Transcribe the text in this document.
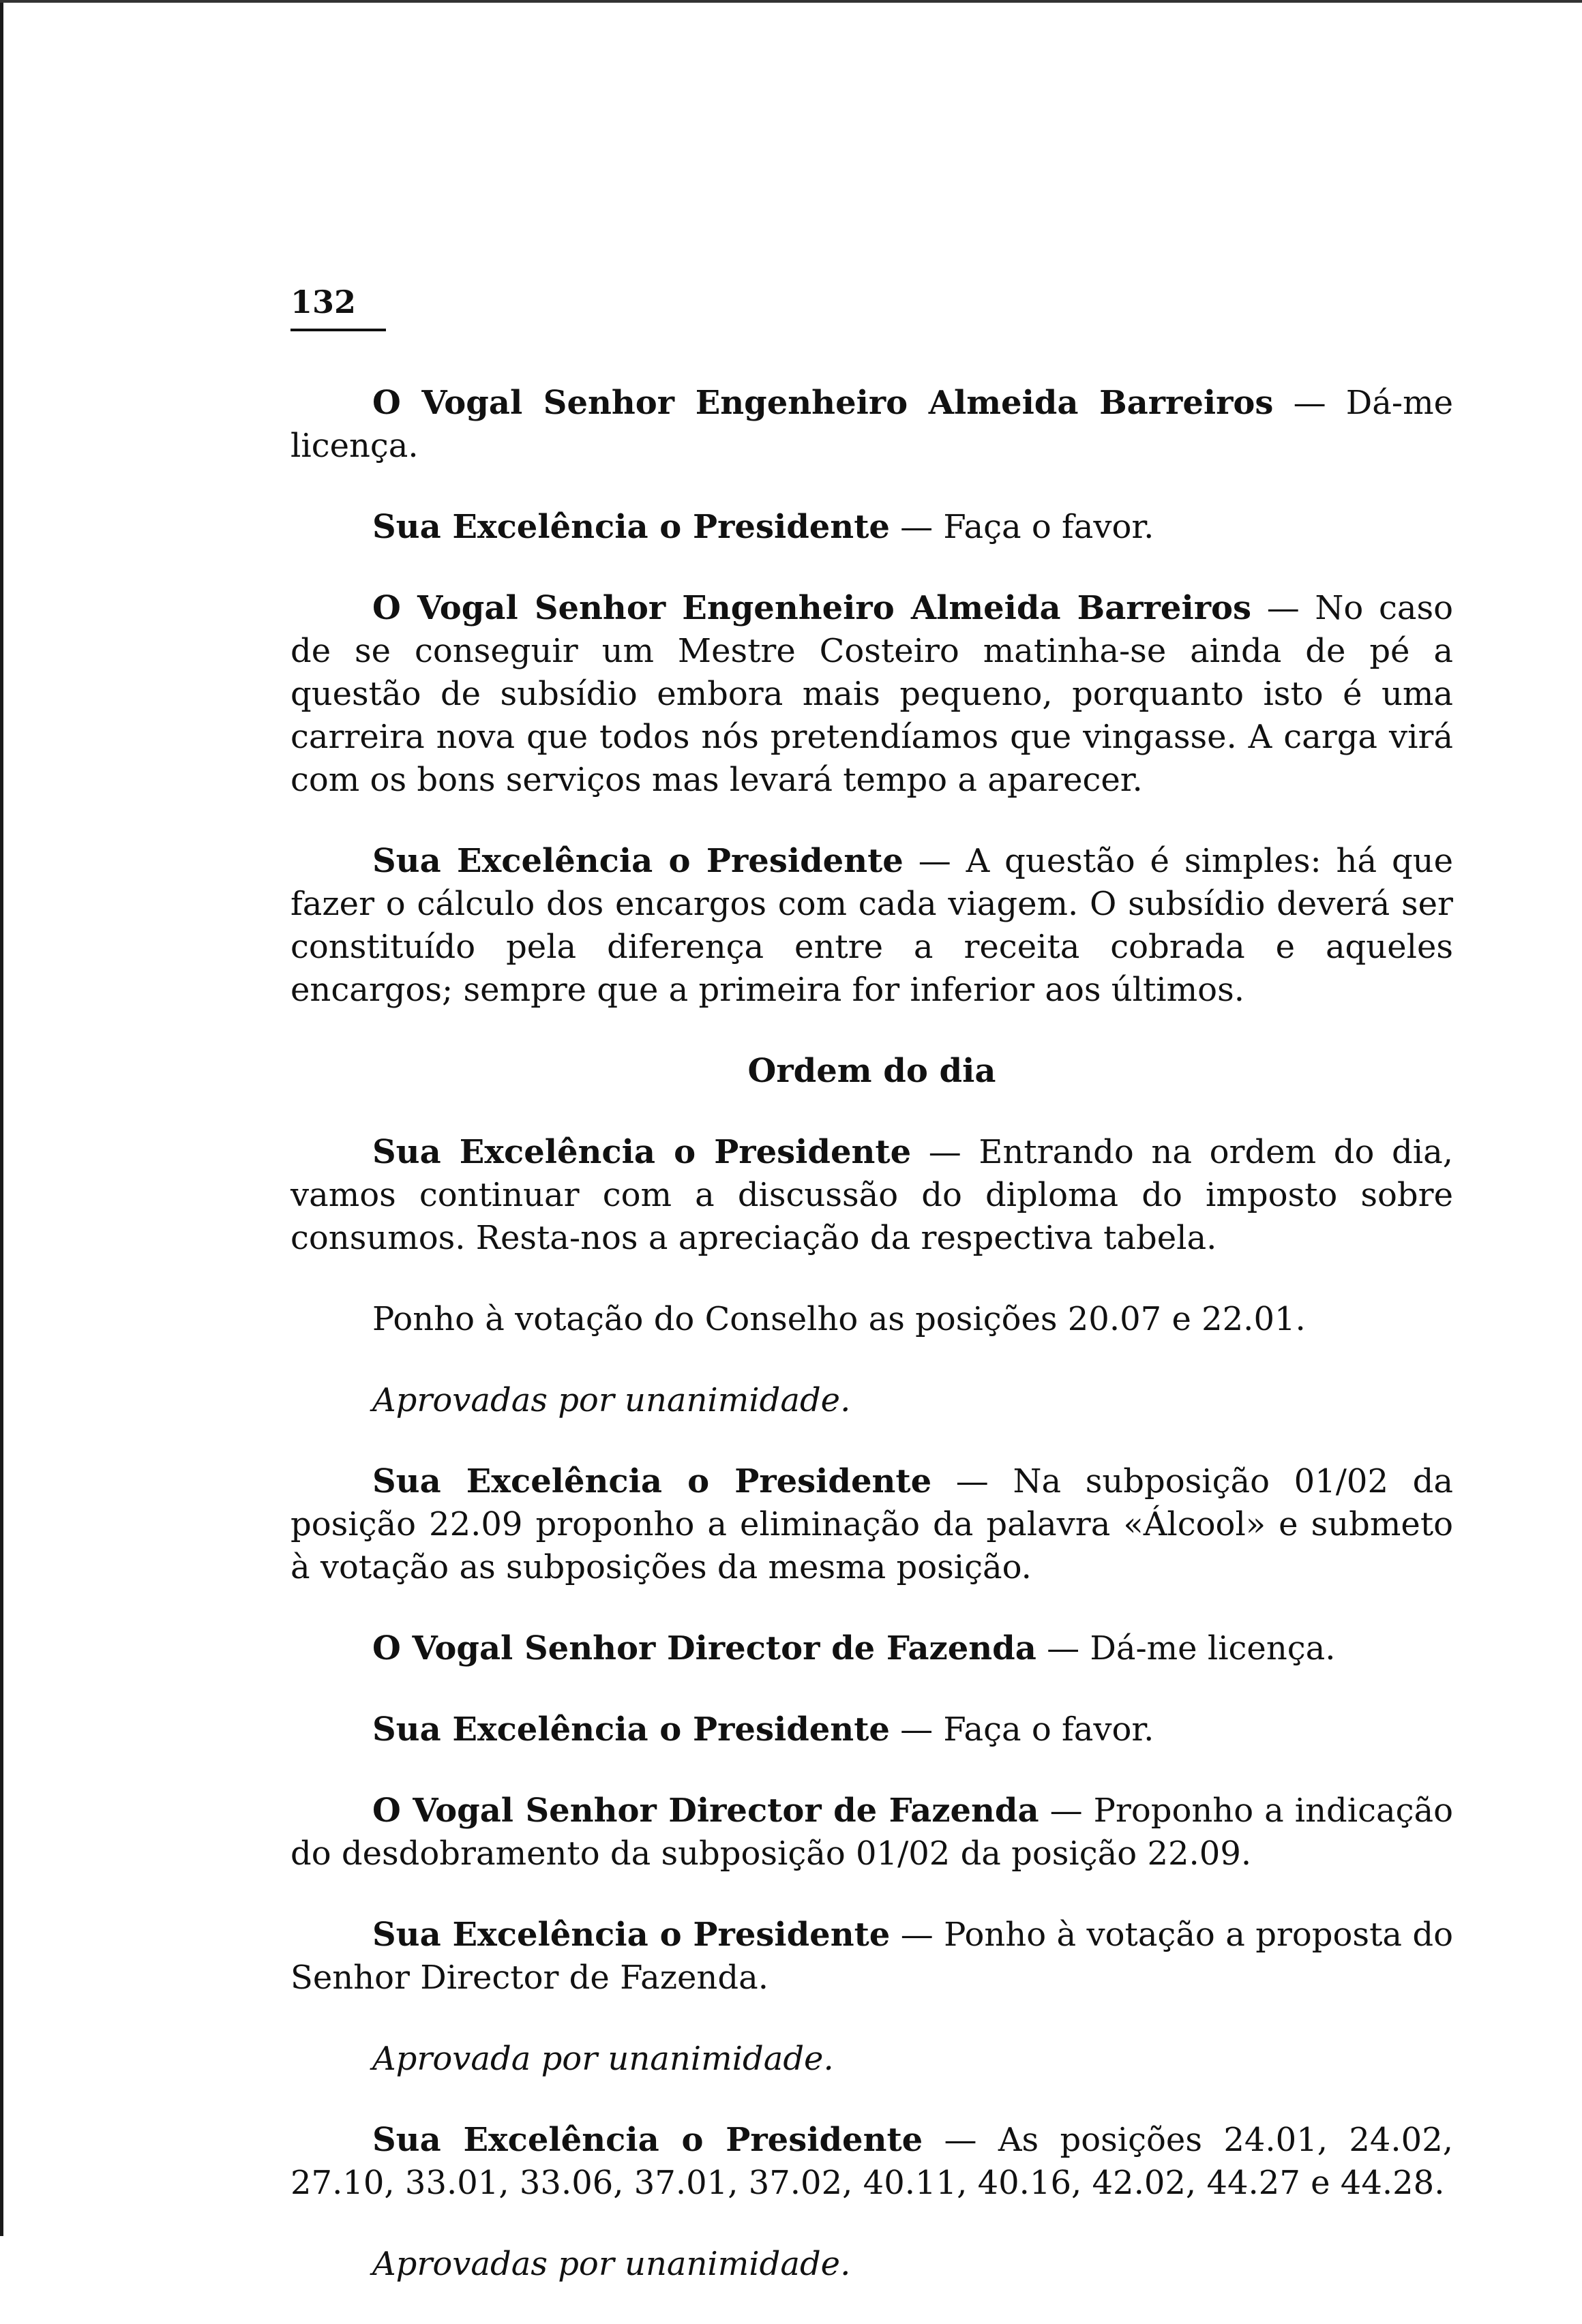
132

O Vogal Senhor Engenheiro Almeida Barreiros — Dá-me licença.

Sua Excelência o Presidente — Faça o favor.

O Vogal Senhor Engenheiro Almeida Barreiros — No caso de se conseguir um Mestre Costeiro matinha-se ainda de pé a questão de subsídio embora mais pequeno, porquanto isto é uma carreira nova que todos nós pretendíamos que vingasse. A carga virá com os bons serviços mas levará tempo a aparecer.

Sua Excelência o Presidente — A questão é simples: há que fazer o cálculo dos encargos com cada viagem. O subsídio deverá ser constituído pela diferença entre a receita cobrada e aqueles encargos; sempre que a primeira for inferior aos últimos.

Ordem do dia

Sua Excelência o Presidente — Entrando na ordem do dia, vamos continuar com a discussão do diploma do imposto sobre consumos. Resta-nos a apreciação da respectiva tabela.

Ponho à votação do Conselho as posições 20.07 e 22.01.

Aprovadas por unanimidade.

Sua Excelência o Presidente — Na subposição 01/02 da posição 22.09 proponho a eliminação da palavra «Álcool» e submeto à votação as subposições da mesma posição.

O Vogal Senhor Director de Fazenda — Dá-me licença.

Sua Excelência o Presidente — Faça o favor.

O Vogal Senhor Director de Fazenda — Proponho a indicação do desdobramento da subposição 01/02 da posição 22.09.

Sua Excelência o Presidente — Ponho à votação a proposta do Senhor Director de Fazenda.

Aprovada por unanimidade.

Sua Excelência o Presidente — As posições 24.01, 24.02, 27.10, 33.01, 33.06, 37.01, 37.02, 40.11, 40.16, 42.02, 44.27 e 44.28.

Aprovadas por unanimidade.
